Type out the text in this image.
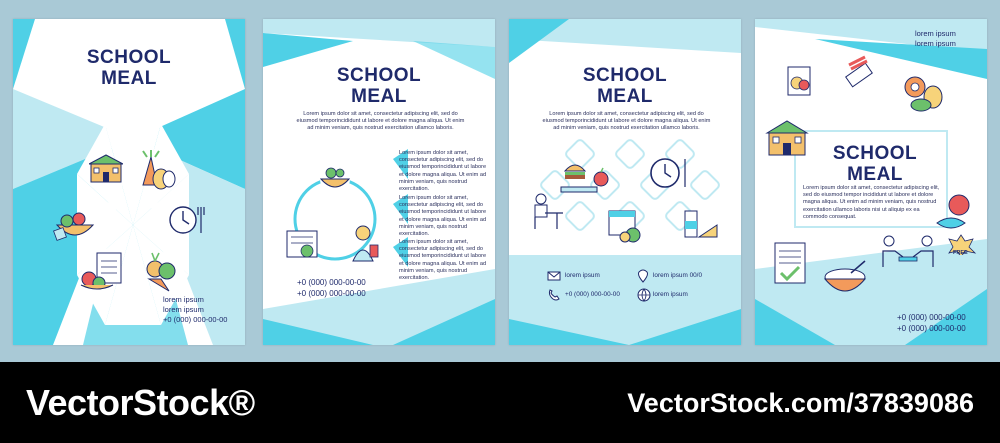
SCHOOL
MEAL
lorem ipsum
lorem ipsum
+0 (000) 000-00-00
SCHOOL
MEAL
Lorem ipsum dolor sit amet, consectetur adipiscing elit, sed do eiusmod temporincididunt ut labore et dolore magna aliqua. Ut enim ad minim veniam, quis nostrud exercitation ullamco laboris.
Lorem ipsum dolor sit amet, consectetur adipiscing elit, sed do eiusmod temporincididunt ut labore et dolore magna aliqua. Ut enim ad minim veniam, quis nostrud exercitation.
Lorem ipsum dolor sit amet, consectetur adipiscing elit, sed do eiusmod temporincididunt ut labore et dolore magna aliqua. Ut enim ad minim veniam, quis nostrud exercitation.
Lorem ipsum dolor sit amet, consectetur adipiscing elit, sed do eiusmod temporincididunt ut labore et dolore magna aliqua. Ut enim ad minim veniam, quis nostrud exercitation.
+0 (000) 000-00-00
+0 (000) 000-00-00
SCHOOL
MEAL
Lorem ipsum dolor sit amet, consectetur adipiscing elit, sed do eiusmod temporincididunt ut labore et dolore magna aliqua. Ut enim ad minim veniam, quis nostrud exercitation ullamco laboris.
lorem ipsum	lorem ipsum 00/0
+0 (000) 000-00-00	lorem ipsum
lorem ipsum
lorem ipsum
SCHOOL
MEAL
Lorem ipsum dolor sit amet, consectetur adipiscing elit, sed do eiusmod tempor incididunt ut labore et dolore magna aliqua. Ut enim ad minim veniam, quis nostrud exercitation ullamco laboris nisi ut aliquip ex ea commodo consequat.
FREE
+0 (000) 000-00-00
+0 (000) 000-00-00
VectorStock®	VectorStock.com/37839086
